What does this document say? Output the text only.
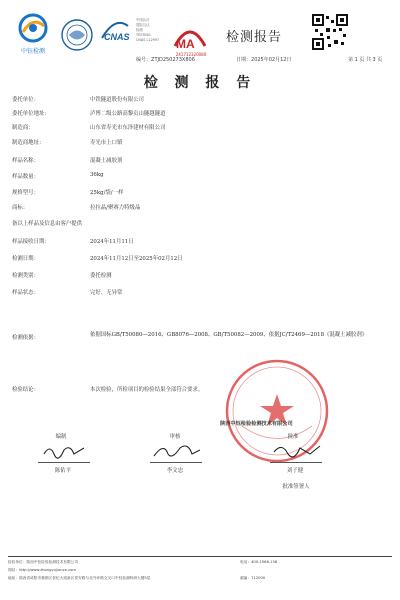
中钰检测
CNAS
中国认可
国际互认
检测
TESTING
CNAS L12997	MA
241712320080
检测报告
编号：ZTJD250273X806	日期：2025年02月12日	第 1 页 共 3 页
检 测 报 告
委托单位：	中铁隧道股份有限公司
委托单位地址：	泸博二级公路高黎贡山隧越隧道
制造商：	山东省寿光市东泽建材有限公司
制造商地址：	寿光市上口镇
样品名称：	混凝土减胶剂
样品数量：	36kg
规格型号：	25kg/袋/一样
商标：	拉拉晶/聚赛力特级晶
备以上样品及信息由客户提供
样品接收日期：	2024年11月11日
检测日期：	2024年11月12日至2025年02月12日
检测类别：	委托检测
样品状态：	完好、无异常
检测依据：	依据国标GB/T50080—2016、GB8076—2008、GB/T50082—2009、依据JC/T2469—2018《混凝土减胶剂》
检验结论：	本次检验，所检项目的检验结果全部符合要求。
陕西中钰检验检测技术有限公司
编制
陈佑平
审核
李文忠
批准
刘子健
批准签署人
检验单位：陕西中钰检验检测技术有限公司	电话：400-1568-158
网站：http://www.zhongyujiance.com
地址：陕西省咸阳市秦都区世纪大道新区泰安路与北外环路交叉口中钰检测科研大楼5层	邮编：712000
